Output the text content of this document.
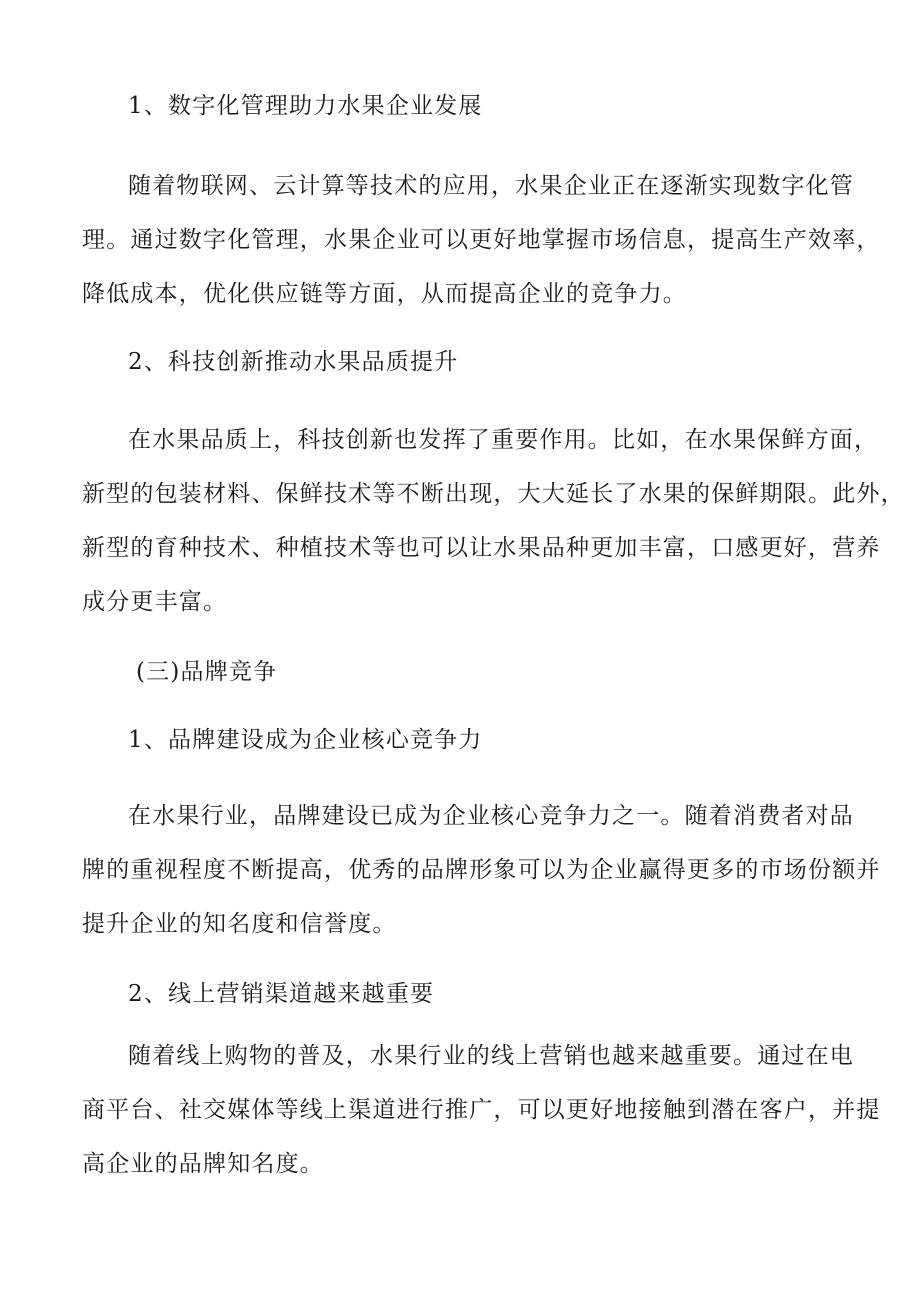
1、数字化管理助力水果企业发展
随着物联网、云计算等技术的应用，水果企业正在逐渐实现数字化管
理。通过数字化管理，水果企业可以更好地掌握市场信息，提高生产效率，
降低成本，优化供应链等方面，从而提高企业的竞争力。
2、科技创新推动水果品质提升
在水果品质上，科技创新也发挥了重要作用。比如，在水果保鲜方面，
新型的包装材料、保鲜技术等不断出现，大大延长了水果的保鲜期限。此外，
新型的育种技术、种植技术等也可以让水果品种更加丰富，口感更好，营养
成分更丰富。
(三)品牌竞争
1、品牌建设成为企业核心竞争力
在水果行业，品牌建设已成为企业核心竞争力之一。随着消费者对品
牌的重视程度不断提高，优秀的品牌形象可以为企业赢得更多的市场份额并
提升企业的知名度和信誉度。
2、线上营销渠道越来越重要
随着线上购物的普及，水果行业的线上营销也越来越重要。通过在电
商平台、社交媒体等线上渠道进行推广，可以更好地接触到潜在客户，并提
高企业的品牌知名度。
